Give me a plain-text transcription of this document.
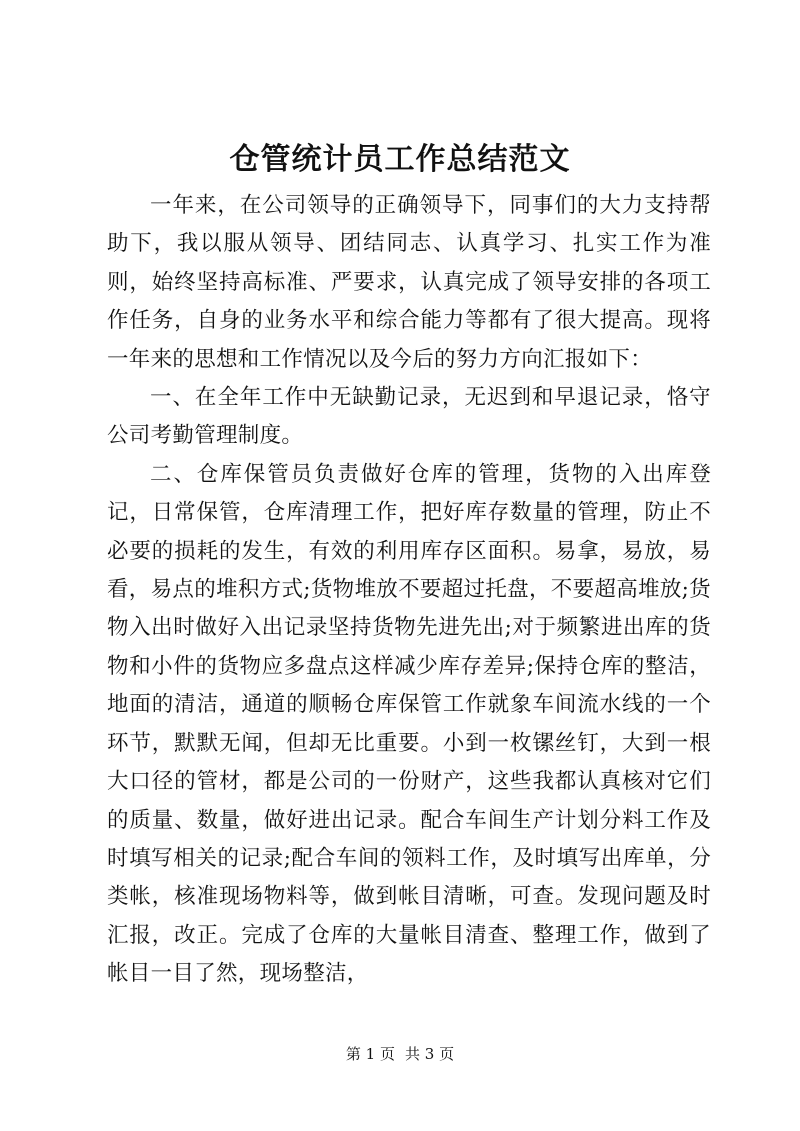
仓管统计员工作总结范文

一年来，在公司领导的正确领导下，同事们的大力支持帮助下，我以服从领导、团结同志、认真学习、扎实工作为准则，始终坚持高标准、严要求，认真完成了领导安排的各项工作任务，自身的业务水平和综合能力等都有了很大提高。现将一年来的思想和工作情况以及今后的努力方向汇报如下：

一、在全年工作中无缺勤记录，无迟到和早退记录，恪守公司考勤管理制度。

二、仓库保管员负责做好仓库的管理，货物的入出库登记，日常保管，仓库清理工作，把好库存数量的管理，防止不必要的损耗的发生，有效的利用库存区面积。易拿，易放，易看，易点的堆积方式;货物堆放不要超过托盘，不要超高堆放;货物入出时做好入出记录坚持货物先进先出;对于频繁进出库的货物和小件的货物应多盘点这样减少库存差异;保持仓库的整洁，地面的清洁，通道的顺畅仓库保管工作就象车间流水线的一个环节，默默无闻，但却无比重要。小到一枚镙丝钉，大到一根大口径的管材，都是公司的一份财产，这些我都认真核对它们的质量、数量，做好进出记录。配合车间生产计划分料工作及时填写相关的记录;配合车间的领料工作，及时填写出库单，分类帐，核准现场物料等，做到帐目清晰，可查。发现问题及时汇报，改正。完成了仓库的大量帐目清查、整理工作，做到了帐目一目了然，现场整洁，

第 1 页 共 3 页
